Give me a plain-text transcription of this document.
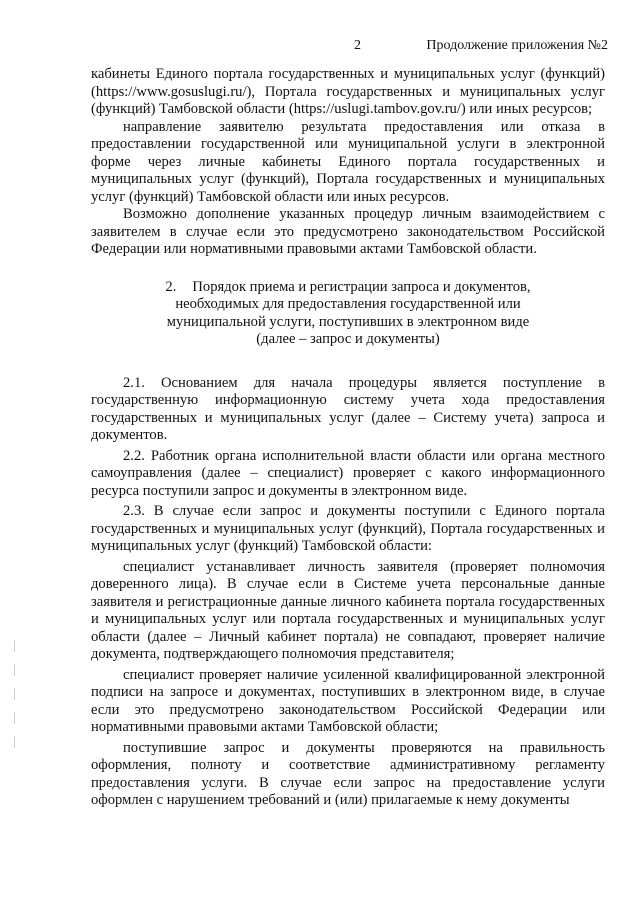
2	Продолжение приложения №2

кабинеты Единого портала государственных и муниципальных услуг (функций) (https://www.gosuslugi.ru/), Портала государственных и муниципальных услуг (функций) Тамбовской области (https://uslugi.tambov.gov.ru/) или иных ресурсов;

направление заявителю результата предоставления или отказа в предоставлении государственной или муниципальной услуги в электронной форме через личные кабинеты Единого портала государственных и муниципальных услуг (функций), Портала государственных и муниципальных услуг (функций) Тамбовской области или иных ресурсов.

Возможно дополнение указанных процедур личным взаимодействием с заявителем в случае если это предусмотрено законодательством Российской Федерации или нормативными правовыми актами Тамбовской области.

2. Порядок приема и регистрации запроса и документов,
необходимых для предоставления государственной или
муниципальной услуги, поступивших в электронном виде
(далее – запрос и документы)

2.1. Основанием для начала процедуры является поступление в государственную информационную систему учета хода предоставления государственных и муниципальных услуг (далее – Систему учета) запроса и документов.

2.2. Работник органа исполнительной власти области или органа местного самоуправления (далее – специалист) проверяет с какого информационного ресурса поступили запрос и документы в электронном виде.

2.3. В случае если запрос и документы поступили с Единого портала государственных и муниципальных услуг (функций), Портала государственных и муниципальных услуг (функций) Тамбовской области:

специалист устанавливает личность заявителя (проверяет полномочия доверенного лица). В случае если в Системе учета персональные данные заявителя и регистрационные данные личного кабинета портала государственных и муниципальных услуг или портала государственных и муниципальных услуг области (далее – Личный кабинет портала) не совпадают, проверяет наличие документа, подтверждающего полномочия представителя;

специалист проверяет наличие усиленной квалифицированной электронной подписи на запросе и документах, поступивших в электронном виде, в случае если это предусмотрено законодательством Российской Федерации или нормативными правовыми актами Тамбовской области;

поступившие запрос и документы проверяются на правильность оформления, полноту и соответствие административному регламенту предоставления услуги. В случае если запрос на предоставление услуги оформлен с нарушением требований и (или) прилагаемые к нему документы
